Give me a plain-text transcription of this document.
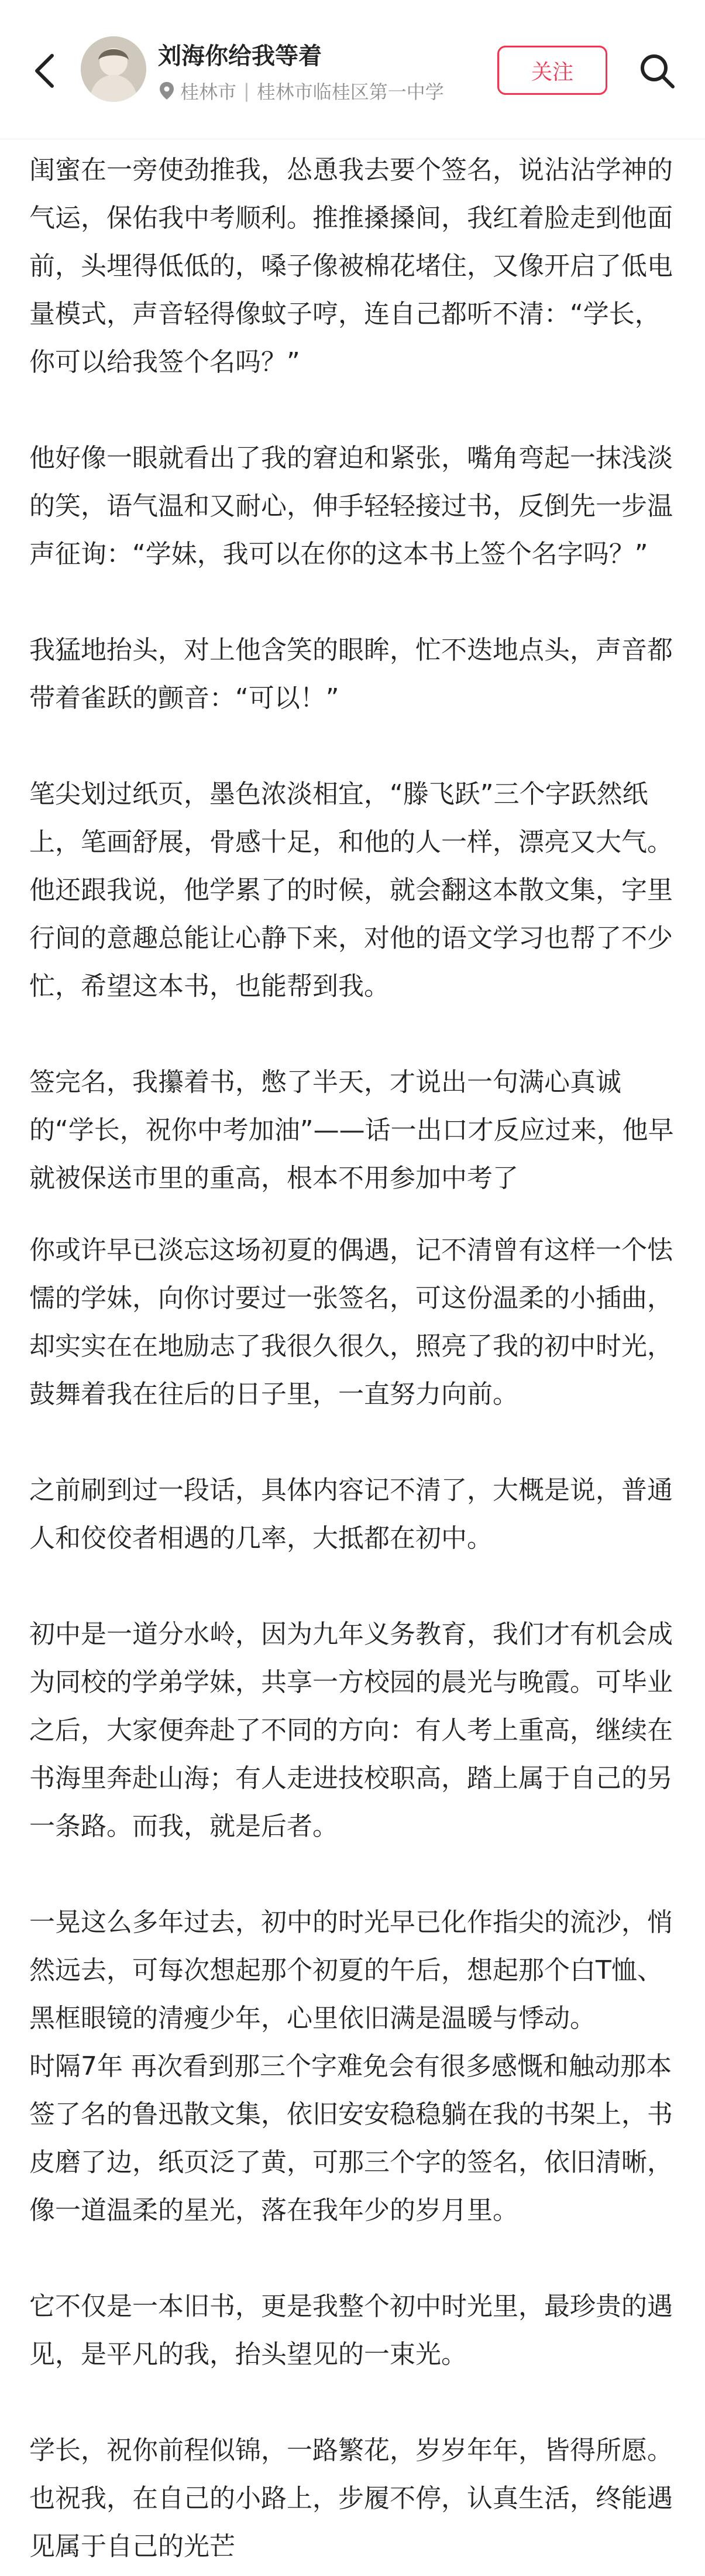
刘海你给我等着
桂林市 | 桂林市临桂区第一中学
关注

闺蜜在一旁使劲推我，怂恿我去要个签名，说沾沾学神的气运，保佑我中考顺利。推推搡搡间，我红着脸走到他面前，头埋得低低的，嗓子像被棉花堵住，又像开启了低电量模式，声音轻得像蚊子哼，连自己都听不清：“学长，你可以给我签个名吗？”

他好像一眼就看出了我的窘迫和紧张，嘴角弯起一抹浅淡的笑，语气温和又耐心，伸手轻轻接过书，反倒先一步温声征询：“学妹，我可以在你的这本书上签个名字吗？”

我猛地抬头，对上他含笑的眼眸，忙不迭地点头，声音都带着雀跃的颤音：“可以！”

笔尖划过纸页，墨色浓淡相宜，“滕飞跃”三个字跃然纸上，笔画舒展，骨感十足，和他的人一样，漂亮又大气。他还跟我说，他学累了的时候，就会翻这本散文集，字里行间的意趣总能让心静下来，对他的语文学习也帮了不少忙，希望这本书，也能帮到我。

签完名，我攥着书，憋了半天，才说出一句满心真诚的“学长，祝你中考加油”——话一出口才反应过来，他早就被保送市里的重高，根本不用参加中考了

你或许早已淡忘这场初夏的偶遇，记不清曾有这样一个怯懦的学妹，向你讨要过一张签名，可这份温柔的小插曲，却实实在在地励志了我很久很久，照亮了我的初中时光，鼓舞着我在往后的日子里，一直努力向前。

之前刷到过一段话，具体内容记不清了，大概是说，普通人和佼佼者相遇的几率，大抵都在初中。

初中是一道分水岭，因为九年义务教育，我们才有机会成为同校的学弟学妹，共享一方校园的晨光与晚霞。可毕业之后，大家便奔赴了不同的方向：有人考上重高，继续在书海里奔赴山海；有人走进技校职高，踏上属于自己的另一条路。而我，就是后者。

一晃这么多年过去，初中的时光早已化作指尖的流沙，悄然远去，可每次想起那个初夏的午后，想起那个白T恤、黑框眼镜的清瘦少年，心里依旧满是温暖与悸动。

时隔7年 再次看到那三个字难免会有很多感慨和触动那本签了名的鲁迅散文集，依旧安安稳稳躺在我的书架上，书皮磨了边，纸页泛了黄，可那三个字的签名，依旧清晰，像一道温柔的星光，落在我年少的岁月里。

它不仅是一本旧书，更是我整个初中时光里，最珍贵的遇见，是平凡的我，抬头望见的一束光。

学长，祝你前程似锦，一路繁花，岁岁年年，皆得所愿。

也祝我，在自己的小路上，步履不停，认真生活，终能遇见属于自己的光芒
